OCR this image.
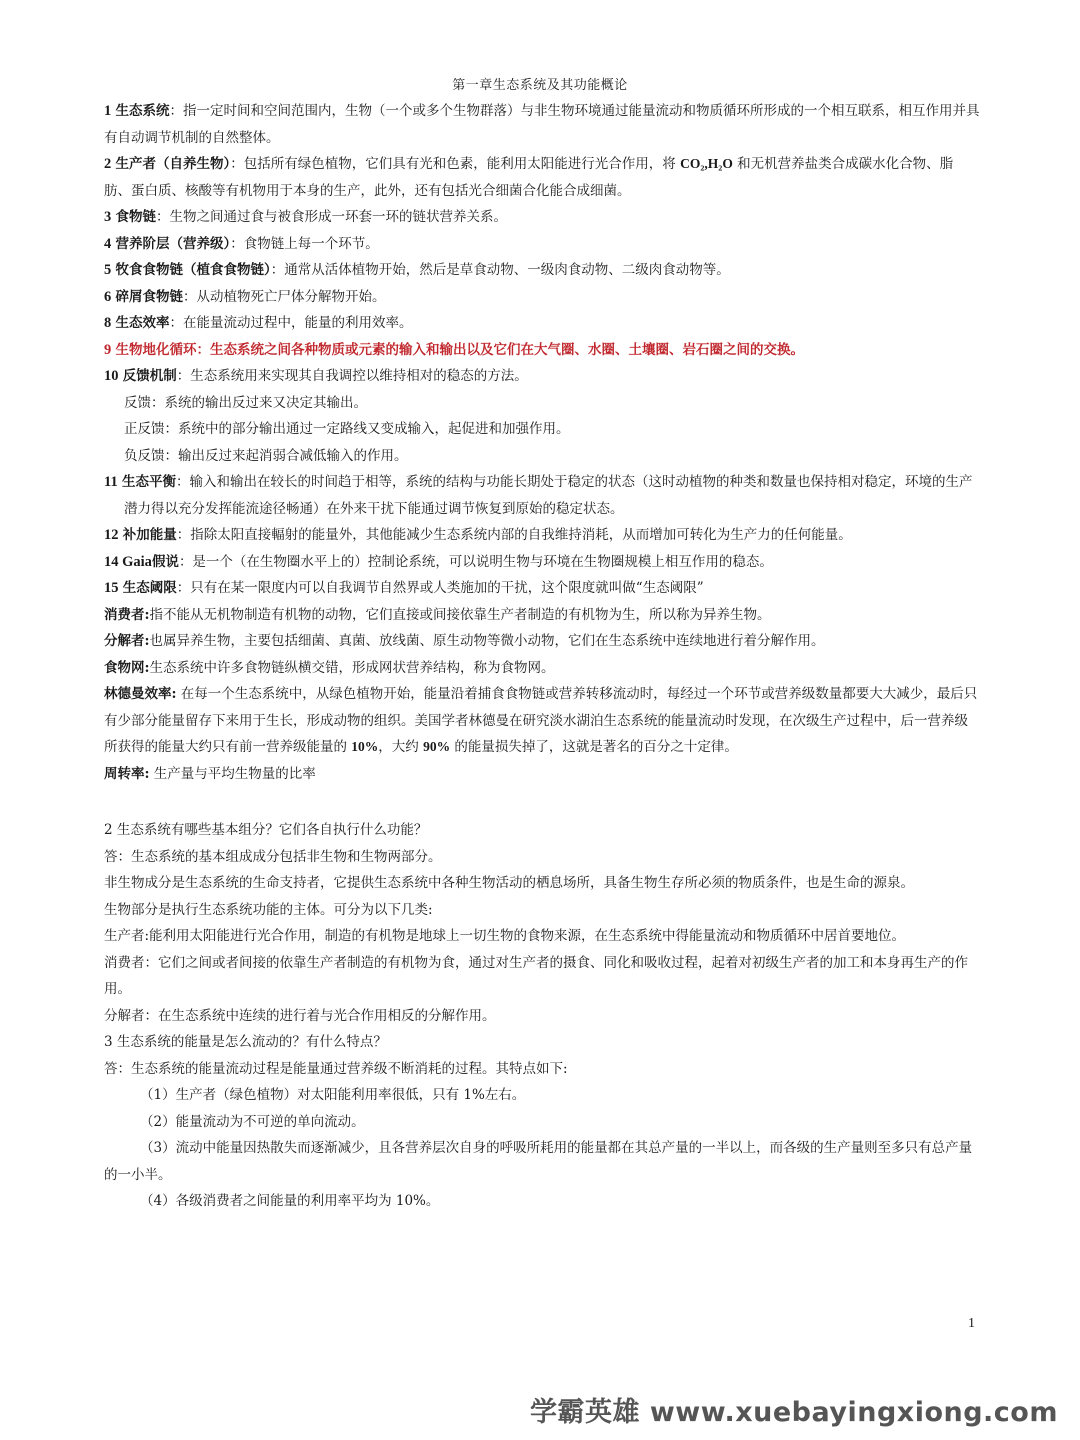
第一章生态系统及其功能概论

1 生态系统：指一定时间和空间范围内，生物（一个或多个生物群落）与非生物环境通过能量流动和物质循环所形成的一个相互联系，相互作用并具有自动调节机制的自然整体。

2 生产者（自养生物）：包括所有绿色植物，它们具有光和色素，能利用太阳能进行光合作用，将 CO₂,H₂O 和无机营养盐类合成碳水化合物、脂肪、蛋白质、核酸等有机物用于本身的生产，此外，还有包括光合细菌合化能合成细菌。

3 食物链：生物之间通过食与被食形成一环套一环的链状营养关系。

4 营养阶层（营养级）：食物链上每一个环节。

5 牧食食物链（植食食物链）：通常从活体植物开始，然后是草食动物、一级肉食动物、二级肉食动物等。

6 碎屑食物链：从动植物死亡尸体分解物开始。

8 生态效率：在能量流动过程中，能量的利用效率。

9 生物地化循环：生态系统之间各种物质或元素的输入和输出以及它们在大气圈、水圈、土壤圈、岩石圈之间的交换。

10 反馈机制：生态系统用来实现其自我调控以维持相对的稳态的方法。

反馈：系统的输出反过来又决定其输出。

正反馈：系统中的部分输出通过一定路线又变成输入，起促进和加强作用。

负反馈：输出反过来起消弱合减低输入的作用。

11 生态平衡：输入和输出在较长的时间趋于相等，系统的结构与功能长期处于稳定的状态（这时动植物的种类和数量也保持相对稳定，环境的生产潜力得以充分发挥能流途径畅通）在外来干扰下能通过调节恢复到原始的稳定状态。

12 补加能量：指除太阳直接輻射的能量外，其他能减少生态系统内部的自我维持消耗，从而增加可转化为生产力的任何能量。

14 Gaia假说：是一个（在生物圈水平上的）控制论系统，可以说明生物与环境在生物圈规模上相互作用的稳态。

15 生态阈限：只有在某一限度内可以自我调节自然界或人类施加的干扰，这个限度就叫做“生态阈限”

消费者:指不能从无机物制造有机物的动物，它们直接或间接依靠生产者制造的有机物为生，所以称为异养生物。

分解者:也属异养生物，主要包括细菌、真菌、放线菌、原生动物等微小动物，它们在生态系统中连续地进行着分解作用。

食物网:生态系统中许多食物链纵横交错，形成网状营养结构，称为食物网。

林德曼效率: 在每一个生态系统中，从绿色植物开始，能量沿着捕食食物链或营养转移流动时，每经过一个环节或营养级数量都要大大减少，最后只有少部分能量留存下来用于生长，形成动物的组织。美国学者林德曼在研究淡水湖泊生态系统的能量流动时发现，在次级生产过程中，后一营养级所获得的能量大约只有前一营养级能量的 10%，大约 90% 的能量损失掉了，这就是著名的百分之十定律。

周转率: 生产量与平均生物量的比率

2 生态系统有哪些基本组分？它们各自执行什么功能？

答：生态系统的基本组成成分包括非生物和生物两部分。

非生物成分是生态系统的生命支持者，它提供生态系统中各种生物活动的栖息场所，具备生物生存所必须的物质条件，也是生命的源泉。

生物部分是执行生态系统功能的主体。可分为以下几类:

生产者:能利用太阳能进行光合作用，制造的有机物是地球上一切生物的食物来源，在生态系统中得能量流动和物质循环中居首要地位。

消费者：它们之间或者间接的依靠生产者制造的有机物为食，通过对生产者的摄食、同化和吸收过程，起着对初级生产者的加工和本身再生产的作用。

分解者：在生态系统中连续的进行着与光合作用相反的分解作用。

3 生态系统的能量是怎么流动的？有什么特点？

答：生态系统的能量流动过程是能量通过营养级不断消耗的过程。其特点如下:

（1）生产者（绿色植物）对太阳能利用率很低，只有 1%左右。

（2）能量流动为不可逆的单向流动。

（3）流动中能量因热散失而逐渐减少，且各营养层次自身的呼吸所耗用的能量都在其总产量的一半以上，而各级的生产量则至多只有总产量的一小半。

（4）各级消费者之间能量的利用率平均为 10%。

1
学霸英雄 www.xuebayingxiong.com
